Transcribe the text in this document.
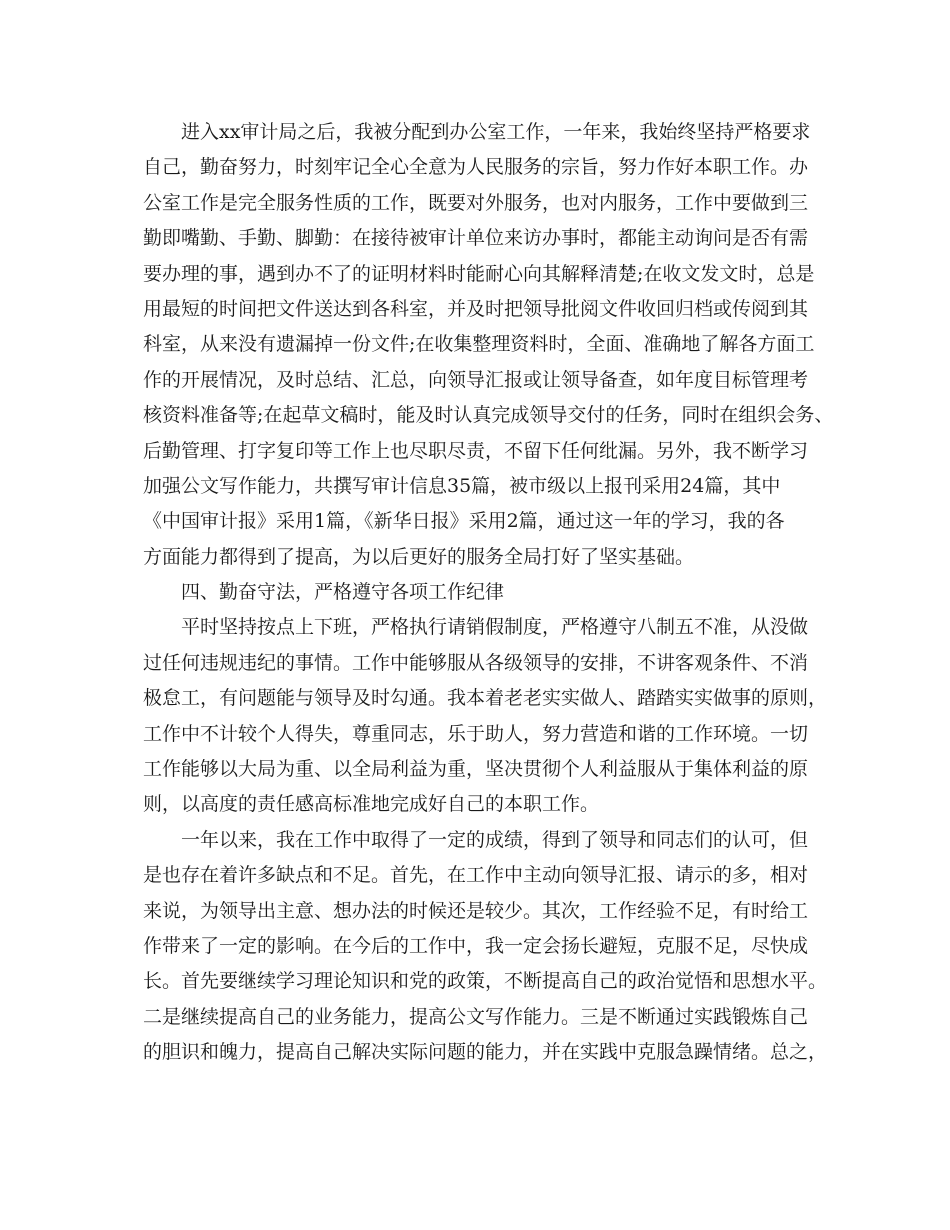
　　进入xx审计局之后，我被分配到办公室工作，一年来，我始终坚持严格要求
自己，勤奋努力，时刻牢记全心全意为人民服务的宗旨，努力作好本职工作。办
公室工作是完全服务性质的工作，既要对外服务，也对内服务，工作中要做到三
勤即嘴勤、手勤、脚勤：在接待被审计单位来访办事时，都能主动询问是否有需
要办理的事，遇到办不了的证明材料时能耐心向其解释清楚;在收文发文时，总是
用最短的时间把文件送达到各科室，并及时把领导批阅文件收回归档或传阅到其
科室，从来没有遗漏掉一份文件;在收集整理资料时，全面、准确地了解各方面工
作的开展情况，及时总结、汇总，向领导汇报或让领导备查，如年度目标管理考
核资料准备等;在起草文稿时，能及时认真完成领导交付的任务，同时在组织会务、
后勤管理、打字复印等工作上也尽职尽责，不留下任何纰漏。另外，我不断学习
加强公文写作能力，共撰写审计信息35篇，被市级以上报刊采用24篇，其中
《中国审计报》采用1篇，《新华日报》采用2篇，通过这一年的学习，我的各
方面能力都得到了提高，为以后更好的服务全局打好了坚实基础。
　　四、勤奋守法，严格遵守各项工作纪律
　　平时坚持按点上下班，严格执行请销假制度，严格遵守八制五不准，从没做
过任何违规违纪的事情。工作中能够服从各级领导的安排，不讲客观条件、不消
极怠工，有问题能与领导及时勾通。我本着老老实实做人、踏踏实实做事的原则，
工作中不计较个人得失，尊重同志，乐于助人，努力营造和谐的工作环境。一切
工作能够以大局为重、以全局利益为重，坚决贯彻个人利益服从于集体利益的原
则，以高度的责任感高标准地完成好自己的本职工作。
　　一年以来，我在工作中取得了一定的成绩，得到了领导和同志们的认可，但
是也存在着许多缺点和不足。首先，在工作中主动向领导汇报、请示的多，相对
来说，为领导出主意、想办法的时候还是较少。其次，工作经验不足，有时给工
作带来了一定的影响。在今后的工作中，我一定会扬长避短，克服不足，尽快成
长。首先要继续学习理论知识和党的政策，不断提高自己的政治觉悟和思想水平。
二是继续提高自己的业务能力，提高公文写作能力。三是不断通过实践锻炼自己
的胆识和魄力，提高自己解决实际问题的能力，并在实践中克服急躁情绪。总之，
